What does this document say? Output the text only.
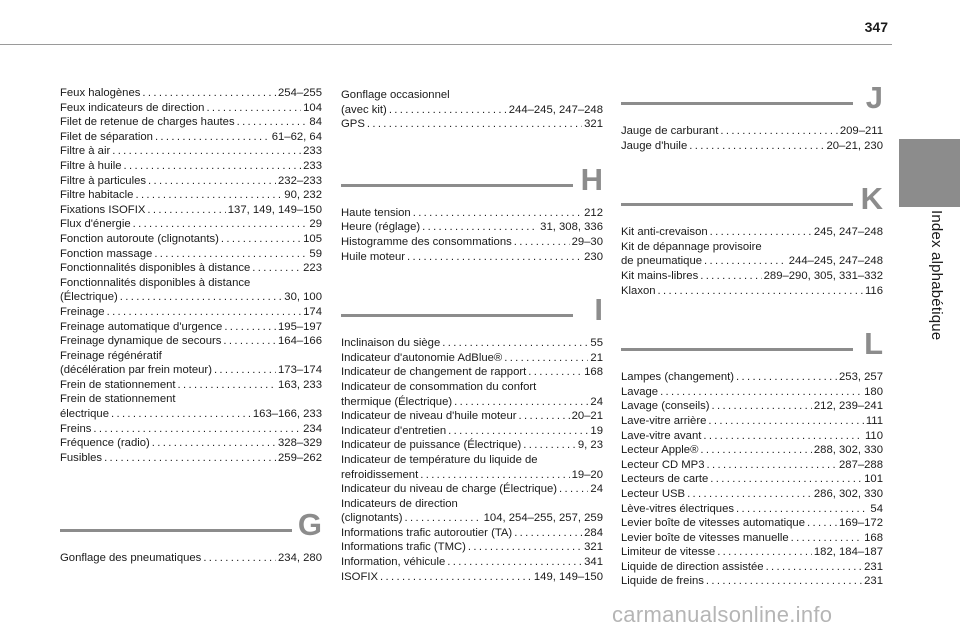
347
Index alphabétique
Feux halogènes . . .	254–255
Feux indicateurs de direction . . .	104
Filet de retenue de charges hautes . . .	84
Filet de séparation . . .	61–62, 64
Filtre à air . . .	233
Filtre à huile . . .	233
Filtre à particules . . .	232–233
Filtre habitacle . . .	90, 232
Fixations ISOFIX . . .	137, 149, 149–150
Flux d'énergie . . .	29
Fonction autoroute (clignotants) . . .	105
Fonction massage . . .	59
Fonctionnalités disponibles à distance . . .	223
Fonctionnalités disponibles à distance
(Électrique) . . .	30, 100
Freinage . . .	174
Freinage automatique d'urgence . . .	195–197
Freinage dynamique de secours . . .	164–166
Freinage régénératif
(décélération par frein moteur) . . .	173–174
Frein de stationnement . . .	163, 233
Frein de stationnement
électrique . . .	163–166, 233
Freins . . .	234
Fréquence (radio) . . .	328–329
Fusibles . . .	259–262
G
Gonflage des pneumatiques . . .	234, 280
Gonflage occasionnel
(avec kit) . . .	244–245, 247–248
GPS . . .	321
H
Haute tension . . .	212
Heure (réglage) . . .	31, 308, 336
Histogramme des consommations . . .	29–30
Huile moteur . . .	230
I
Inclinaison du siège . . .	55
Indicateur d'autonomie AdBlue® . . .	21
Indicateur de changement de rapport . . .	168
Indicateur de consommation du confort
thermique (Électrique) . . .	24
Indicateur de niveau d'huile moteur . . .	20–21
Indicateur d'entretien . . .	19
Indicateur de puissance (Électrique) . . .	9, 23
Indicateur de température du liquide de
refroidissement . . .	19–20
Indicateur du niveau de charge (Électrique) . . .	24
Indicateurs de direction
(clignotants) . . .	104, 254–255, 257, 259
Informations trafic autoroutier (TA) . . .	284
Informations trafic (TMC) . . .	321
Information, véhicule . . .	341
ISOFIX . . .	149, 149–150
J
Jauge de carburant . . .	209–211
Jauge d'huile . . .	20–21, 230
K
Kit anti-crevaison . . .	245, 247–248
Kit de dépannage provisoire
de pneumatique . . .	244–245, 247–248
Kit mains-libres . . .	289–290, 305, 331–332
Klaxon . . .	116
L
Lampes (changement) . . .	253, 257
Lavage . . .	180
Lavage (conseils) . . .	212, 239–241
Lave-vitre arrière . . .	111
Lave-vitre avant . . .	110
Lecteur Apple® . . .	288, 302, 330
Lecteur CD MP3 . . .	287–288
Lecteurs de carte . . .	101
Lecteur USB . . .	286, 302, 330
Lève-vitres électriques . . .	54
Levier boîte de vitesses automatique . . .	169–172
Levier boîte de vitesses manuelle . . .	168
Limiteur de vitesse . . .	182, 184–187
Liquide de direction assistée . . .	231
Liquide de freins . . .	231
carmanualsonline.info
